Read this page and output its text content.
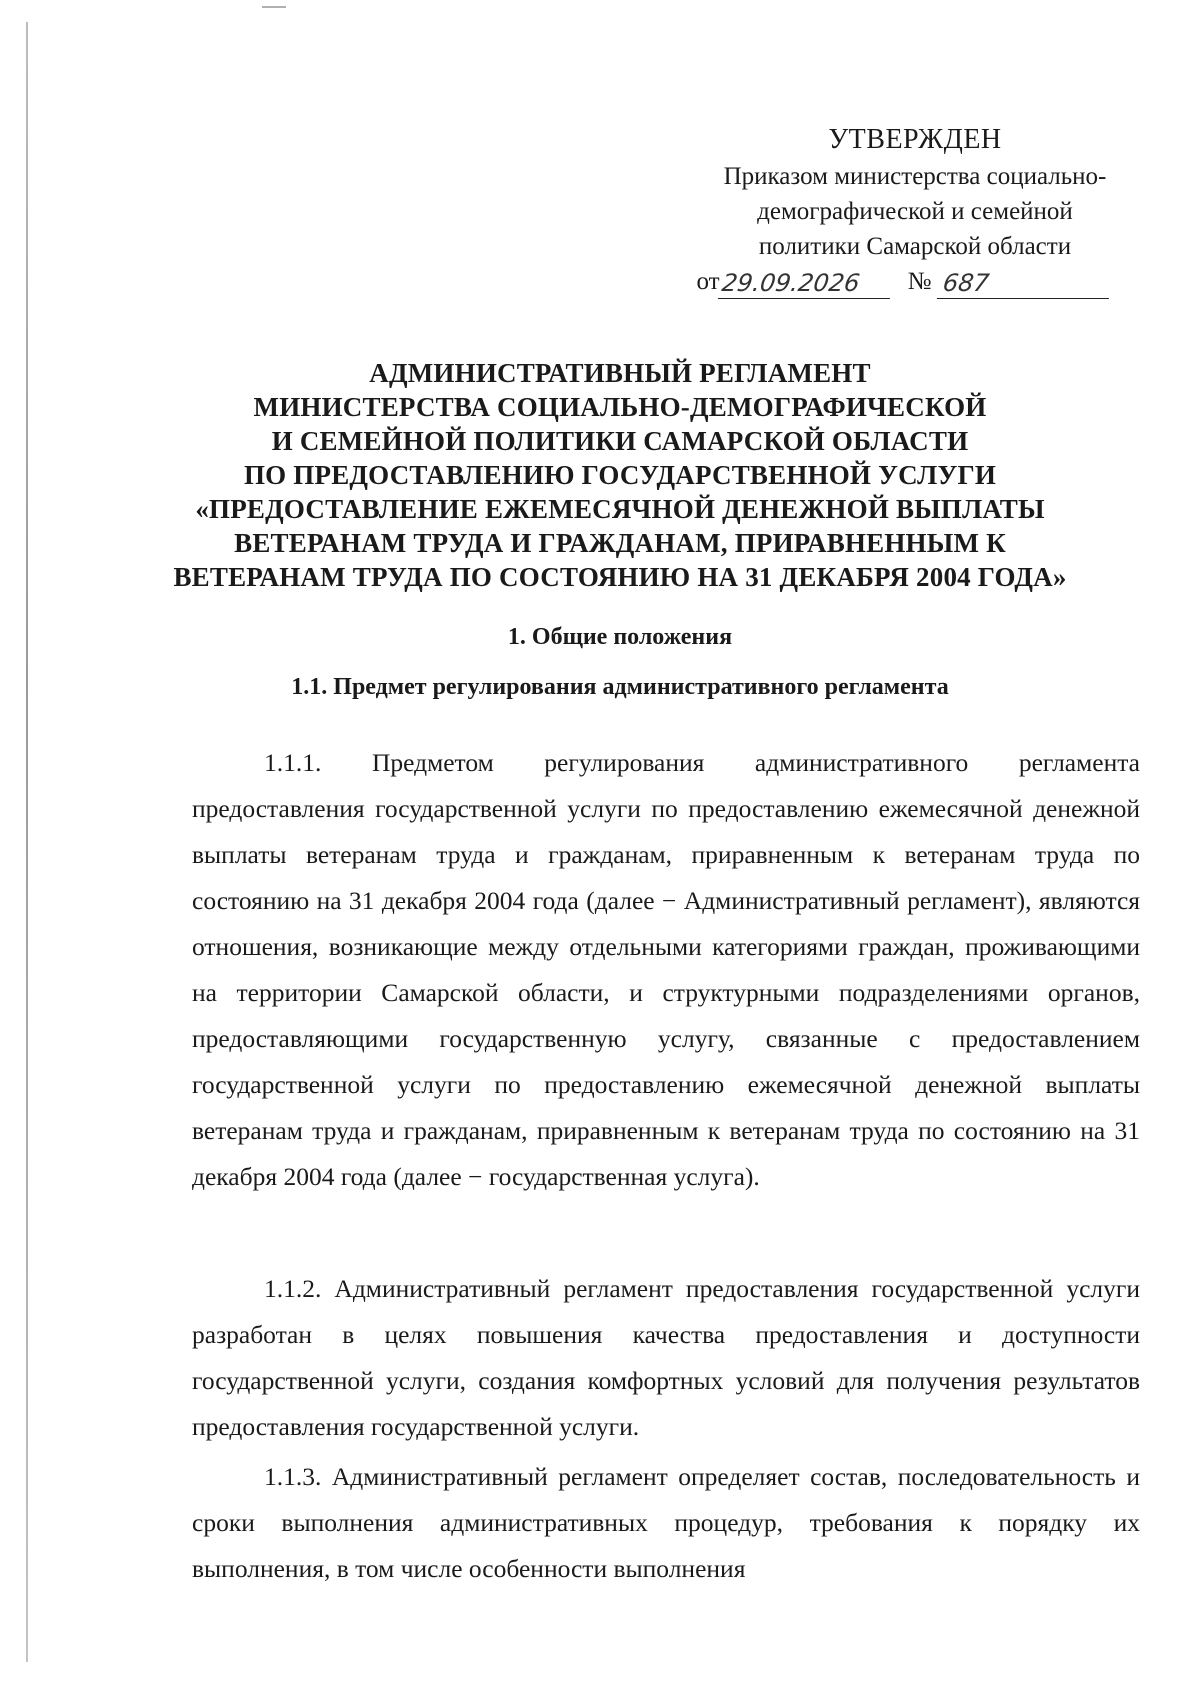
УТВЕРЖДЕН
Приказом министерства социально-
демографической и семейной
политики Самарской области
от 29.09.2026	№ 687
АДМИНИСТРАТИВНЫЙ РЕГЛАМЕНТ
МИНИСТЕРСТВА СОЦИАЛЬНО-ДЕМОГРАФИЧЕСКОЙ
И СЕМЕЙНОЙ ПОЛИТИКИ САМАРСКОЙ ОБЛАСТИ
ПО ПРЕДОСТАВЛЕНИЮ ГОСУДАРСТВЕННОЙ УСЛУГИ
«ПРЕДОСТАВЛЕНИЕ ЕЖЕМЕСЯЧНОЙ ДЕНЕЖНОЙ ВЫПЛАТЫ
ВЕТЕРАНАМ ТРУДА И ГРАЖДАНАМ, ПРИРАВНЕННЫМ К
ВЕТЕРАНАМ ТРУДА ПО СОСТОЯНИЮ НА 31 ДЕКАБРЯ 2004 ГОДА»
1. Общие положения
1.1. Предмет регулирования административного регламента

1.1.1. Предметом регулирования административного регламента предоставления государственной услуги по предоставлению ежемесячной денежной выплаты ветеранам труда и гражданам, приравненным к ветеранам труда по состоянию на 31 декабря 2004 года (далее − Административный регламент), являются отношения, возникающие между отдельными категориями граждан, проживающими на территории Самарской области, и структурными подразделениями органов, предоставляющими государственную услугу, связанные с предоставлением государственной услуги по предоставлению ежемесячной денежной выплаты ветеранам труда и гражданам, приравненным к ветеранам труда по состоянию на 31 декабря 2004 года (далее − государственная услуга).

1.1.2. Административный регламент предоставления государственной услуги разработан в целях повышения качества предоставления и доступности государственной услуги, создания комфортных условий для получения результатов предоставления государственной услуги.

1.1.3. Административный регламент определяет состав, последовательность и сроки выполнения административных процедур, требования к порядку их выполнения, в том числе особенности выполнения
